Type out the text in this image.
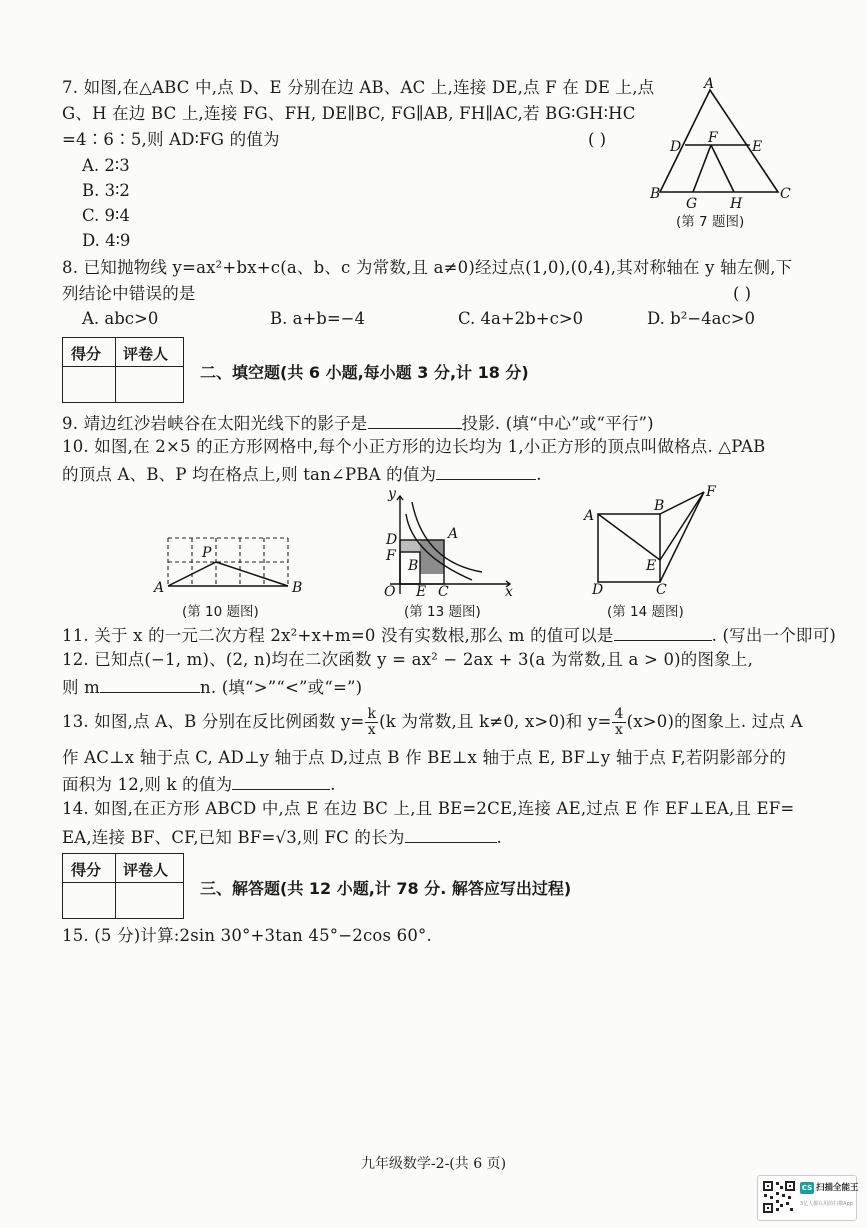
7. 如图,在△ABC 中,点 D、E 分别在边 AB、AC 上,连接 DE,点 F 在 DE 上,点
G、H 在边 BC 上,连接 FG、FH, DE∥BC, FG∥AB, FH∥AC,若 BG∶GH∶HC
=4∶6∶5,则 AD∶FG 的值为	( )
A. 2∶3
B. 3∶2
C. 9∶4
D. 4∶9
A
D
F
E
B
G H
C
(第 7 题图)
8. 已知抛物线 y=ax²+bx+c(a、b、c 为常数,且 a≠0)经过点(1,0),(0,4),其对称轴在 y 轴左侧,下
列结论中错误的是	( )
A. abc>0	B. a+b=−4	C. 4a+2b+c>0	D. b²−4ac>0
得分 评卷人
二、填空题(共 6 小题,每小题 3 分,计 18 分)
9. 靖边红沙岩峡谷在太阳光线下的影子是	投影. (填“中心”或“平行”)
10. 如图,在 2×5 的正方形网格中,每个小正方形的边长均为 1,小正方形的顶点叫做格点. △PAB
的顶点 A、B、P 均在格点上,则 tan∠PBA 的值为	.
P
A	B
(第 10 题图)
y
x
O
D
F
A
B
E C
(第 13 题图)
A
B
F
E
D	C
(第 14 题图)
11. 关于 x 的一元二次方程 2x²+x+m=0 没有实数根,那么 m 的值可以是	. (写出一个即可)
12. 已知点(−1, m)、(2, n)均在二次函数 y = ax² − 2ax + 3(a 为常数,且 a > 0)的图象上,
则 m	n. (填“>”“<”或“=”)
13. 如图,点 A、B 分别在反比例函数 $y= \frac{k}{x} (k$ 为常数,且 k≠0, x>0)和 $y= \frac{4}{x} (x>0)$的图象上. 过点 A
作 AC⊥x 轴于点 C, AD⊥y 轴于点 D,过点 B 作 BE⊥x 轴于点 E, BF⊥y 轴于点 F,若阴影部分的
面积为 12,则 k 的值为	.
14. 如图,在正方形 ABCD 中,点 E 在边 BC 上,且 BE=2CE,连接 AE,过点 E 作 EF⊥EA,且 EF=
EA,连接 BF、CF,已知 BF=√3,则 FC 的长为	.
得分 评卷人
三、解答题(共 12 小题,计 78 分. 解答应写出过程)
15. (5 分)计算:2sin 30°+3tan 45°−2cos 60°.
九年级数学-2-(共 6 页)
CS 扫描全能王
3亿人都在用的扫描App
